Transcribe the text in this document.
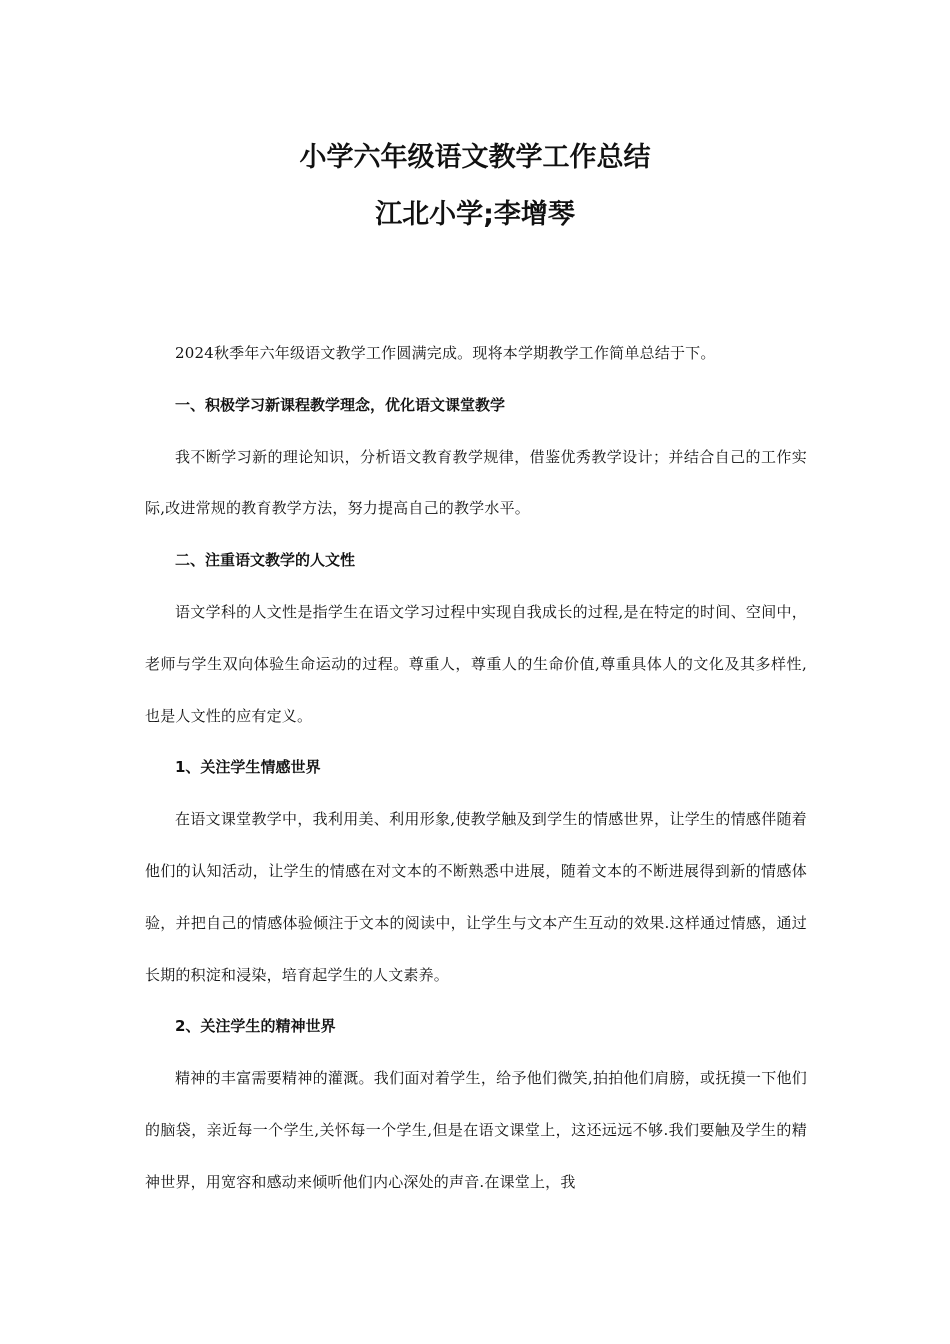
小学六年级语文教学工作总结
江北小学;李增琴

2024秋季年六年级语文教学工作圆满完成。现将本学期教学工作简单总结于下。

一、积极学习新课程教学理念，优化语文课堂教学

我不断学习新的理论知识，分析语文教育教学规律，借鉴优秀教学设计；并结合自己的工作实际,改进常规的教育教学方法，努力提高自己的教学水平。

二、注重语文教学的人文性

语文学科的人文性是指学生在语文学习过程中实现自我成长的过程,是在特定的时间、空间中，老师与学生双向体验生命运动的过程。尊重人，尊重人的生命价值,尊重具体人的文化及其多样性,也是人文性的应有定义。

1、关注学生情感世界

在语文课堂教学中，我利用美、利用形象,使教学触及到学生的情感世界，让学生的情感伴随着他们的认知活动，让学生的情感在对文本的不断熟悉中进展，随着文本的不断进展得到新的情感体验，并把自己的情感体验倾注于文本的阅读中，让学生与文本产生互动的效果.这样通过情感，通过长期的积淀和浸染，培育起学生的人文素养。

2、关注学生的精神世界

精神的丰富需要精神的灌溉。我们面对着学生，给予他们微笑,拍拍他们肩膀，或抚摸一下他们的脑袋，亲近每一个学生,关怀每一个学生,但是在语文课堂上，这还远远不够.我们要触及学生的精神世界，用宽容和感动来倾听他们内心深处的声音.在课堂上，我
